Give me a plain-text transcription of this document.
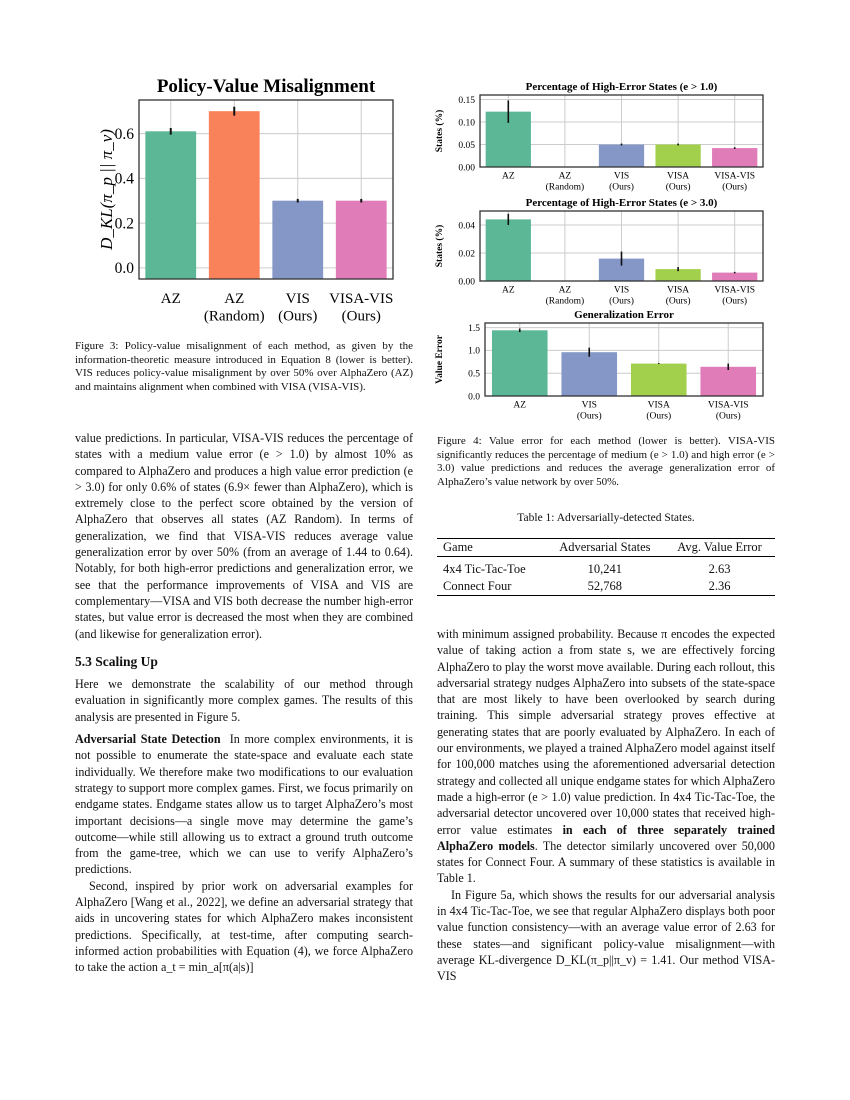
Policy-Value Misalignment
0.0
0.2
0.4
0.6
AZ	AZ
(Random)
VIS
(Ours)
VISA-VIS
(Ours)
D_KL(π_p || π_v)
Percentage of High-Error States (e > 1.0)
0.00
0.05
0.10
0.15
AZ	AZ
(Random)
VIS
(Ours)
VISA
(Ours)
VISA-VIS
(Ours)
States (%)
Percentage of High-Error States (e > 3.0)
0.00
0.02
0.04
AZ	AZ
(Random)
VIS
(Ours)
VISA
(Ours)
VISA-VIS
(Ours)
States (%)
Generalization Error
0.0
0.5
1.0
1.5
AZ	VIS
(Ours)
VISA
(Ours)
VISA-VIS
(Ours)
Value Error
Figure 3: Policy-value misalignment of each method, as given by the information-theoretic measure introduced in Equation 8 (lower is better). VIS reduces policy-value misalignment by over 50% over AlphaZero (AZ) and maintains alignment when combined with VISA (VISA-VIS).
Figure 4: Value error for each method (lower is better). VISA-VIS significantly reduces the percentage of medium (e > 1.0) and high error (e > 3.0) value predictions and reduces the average generalization error of AlphaZero’s value network by over 50%.

value predictions. In particular, VISA-VIS reduces the percentage of states with a medium value error (e > 1.0) by almost 10% as compared to AlphaZero and produces a high value error prediction (e > 3.0) for only 0.6% of states (6.9× fewer than AlphaZero), which is extremely close to the perfect score obtained by the version of AlphaZero that observes all states (AZ Random). In terms of generalization, we find that VISA-VIS reduces average value generalization error by over 50% (from an average of 1.44 to 0.64). Notably, for both high-error predictions and generalization error, we see that the performance improvements of VISA and VIS are complementary—VISA and VIS both decrease the number high-error states, but value error is decreased the most when they are combined (and likewise for generalization error).

5.3 Scaling Up

Here we demonstrate the scalability of our method through evaluation in significantly more complex games. The results of this analysis are presented in Figure 5.

Adversarial State Detection In more complex environments, it is not possible to enumerate the state-space and evaluate each state individually. We therefore make two modifications to our evaluation strategy to support more complex games. First, we focus primarily on endgame states. Endgame states allow us to target AlphaZero’s most important decisions—a single move may determine the game’s outcome—while still allowing us to extract a ground truth outcome from the game-tree, which we can use to verify AlphaZero’s predictions.

Second, inspired by prior work on adversarial examples for AlphaZero [Wang et al., 2022], we define an adversarial strategy that aids in uncovering states for which AlphaZero makes inconsistent predictions. Specifically, at test-time, after computing search-informed action probabilities with Equation (4), we force AlphaZero to take the action a_t = min_a[π(a|s)]

Table 1: Adversarially-detected States.
Game	Adversarial States	Avg. Value Error
4x4 Tic-Tac-Toe	10,241	2.63
Connect Four	52,768	2.36

with minimum assigned probability. Because π encodes the expected value of taking action a from state s, we are effectively forcing AlphaZero to play the worst move available. During each rollout, this adversarial strategy nudges AlphaZero into subsets of the state-space that are most likely to have been overlooked by search during training. This simple adversarial strategy proves effective at generating states that are poorly evaluated by AlphaZero. In each of our environments, we played a trained AlphaZero model against itself for 100,000 matches using the aforementioned adversarial detection strategy and collected all unique endgame states for which AlphaZero made a high-error (e > 1.0) value prediction. In 4x4 Tic-Tac-Toe, the adversarial detector uncovered over 10,000 states that received high-error value estimates in each of three separately trained AlphaZero models. The detector similarly uncovered over 50,000 states for Connect Four. A summary of these statistics is available in Table 1.

In Figure 5a, which shows the results for our adversarial analysis in 4x4 Tic-Tac-Toe, we see that regular AlphaZero displays both poor value function consistency—with an average value error of 2.63 for these states—and significant policy-value misalignment—with average KL-divergence D_KL(π_p||π_v) = 1.41. Our method VISA-VIS
